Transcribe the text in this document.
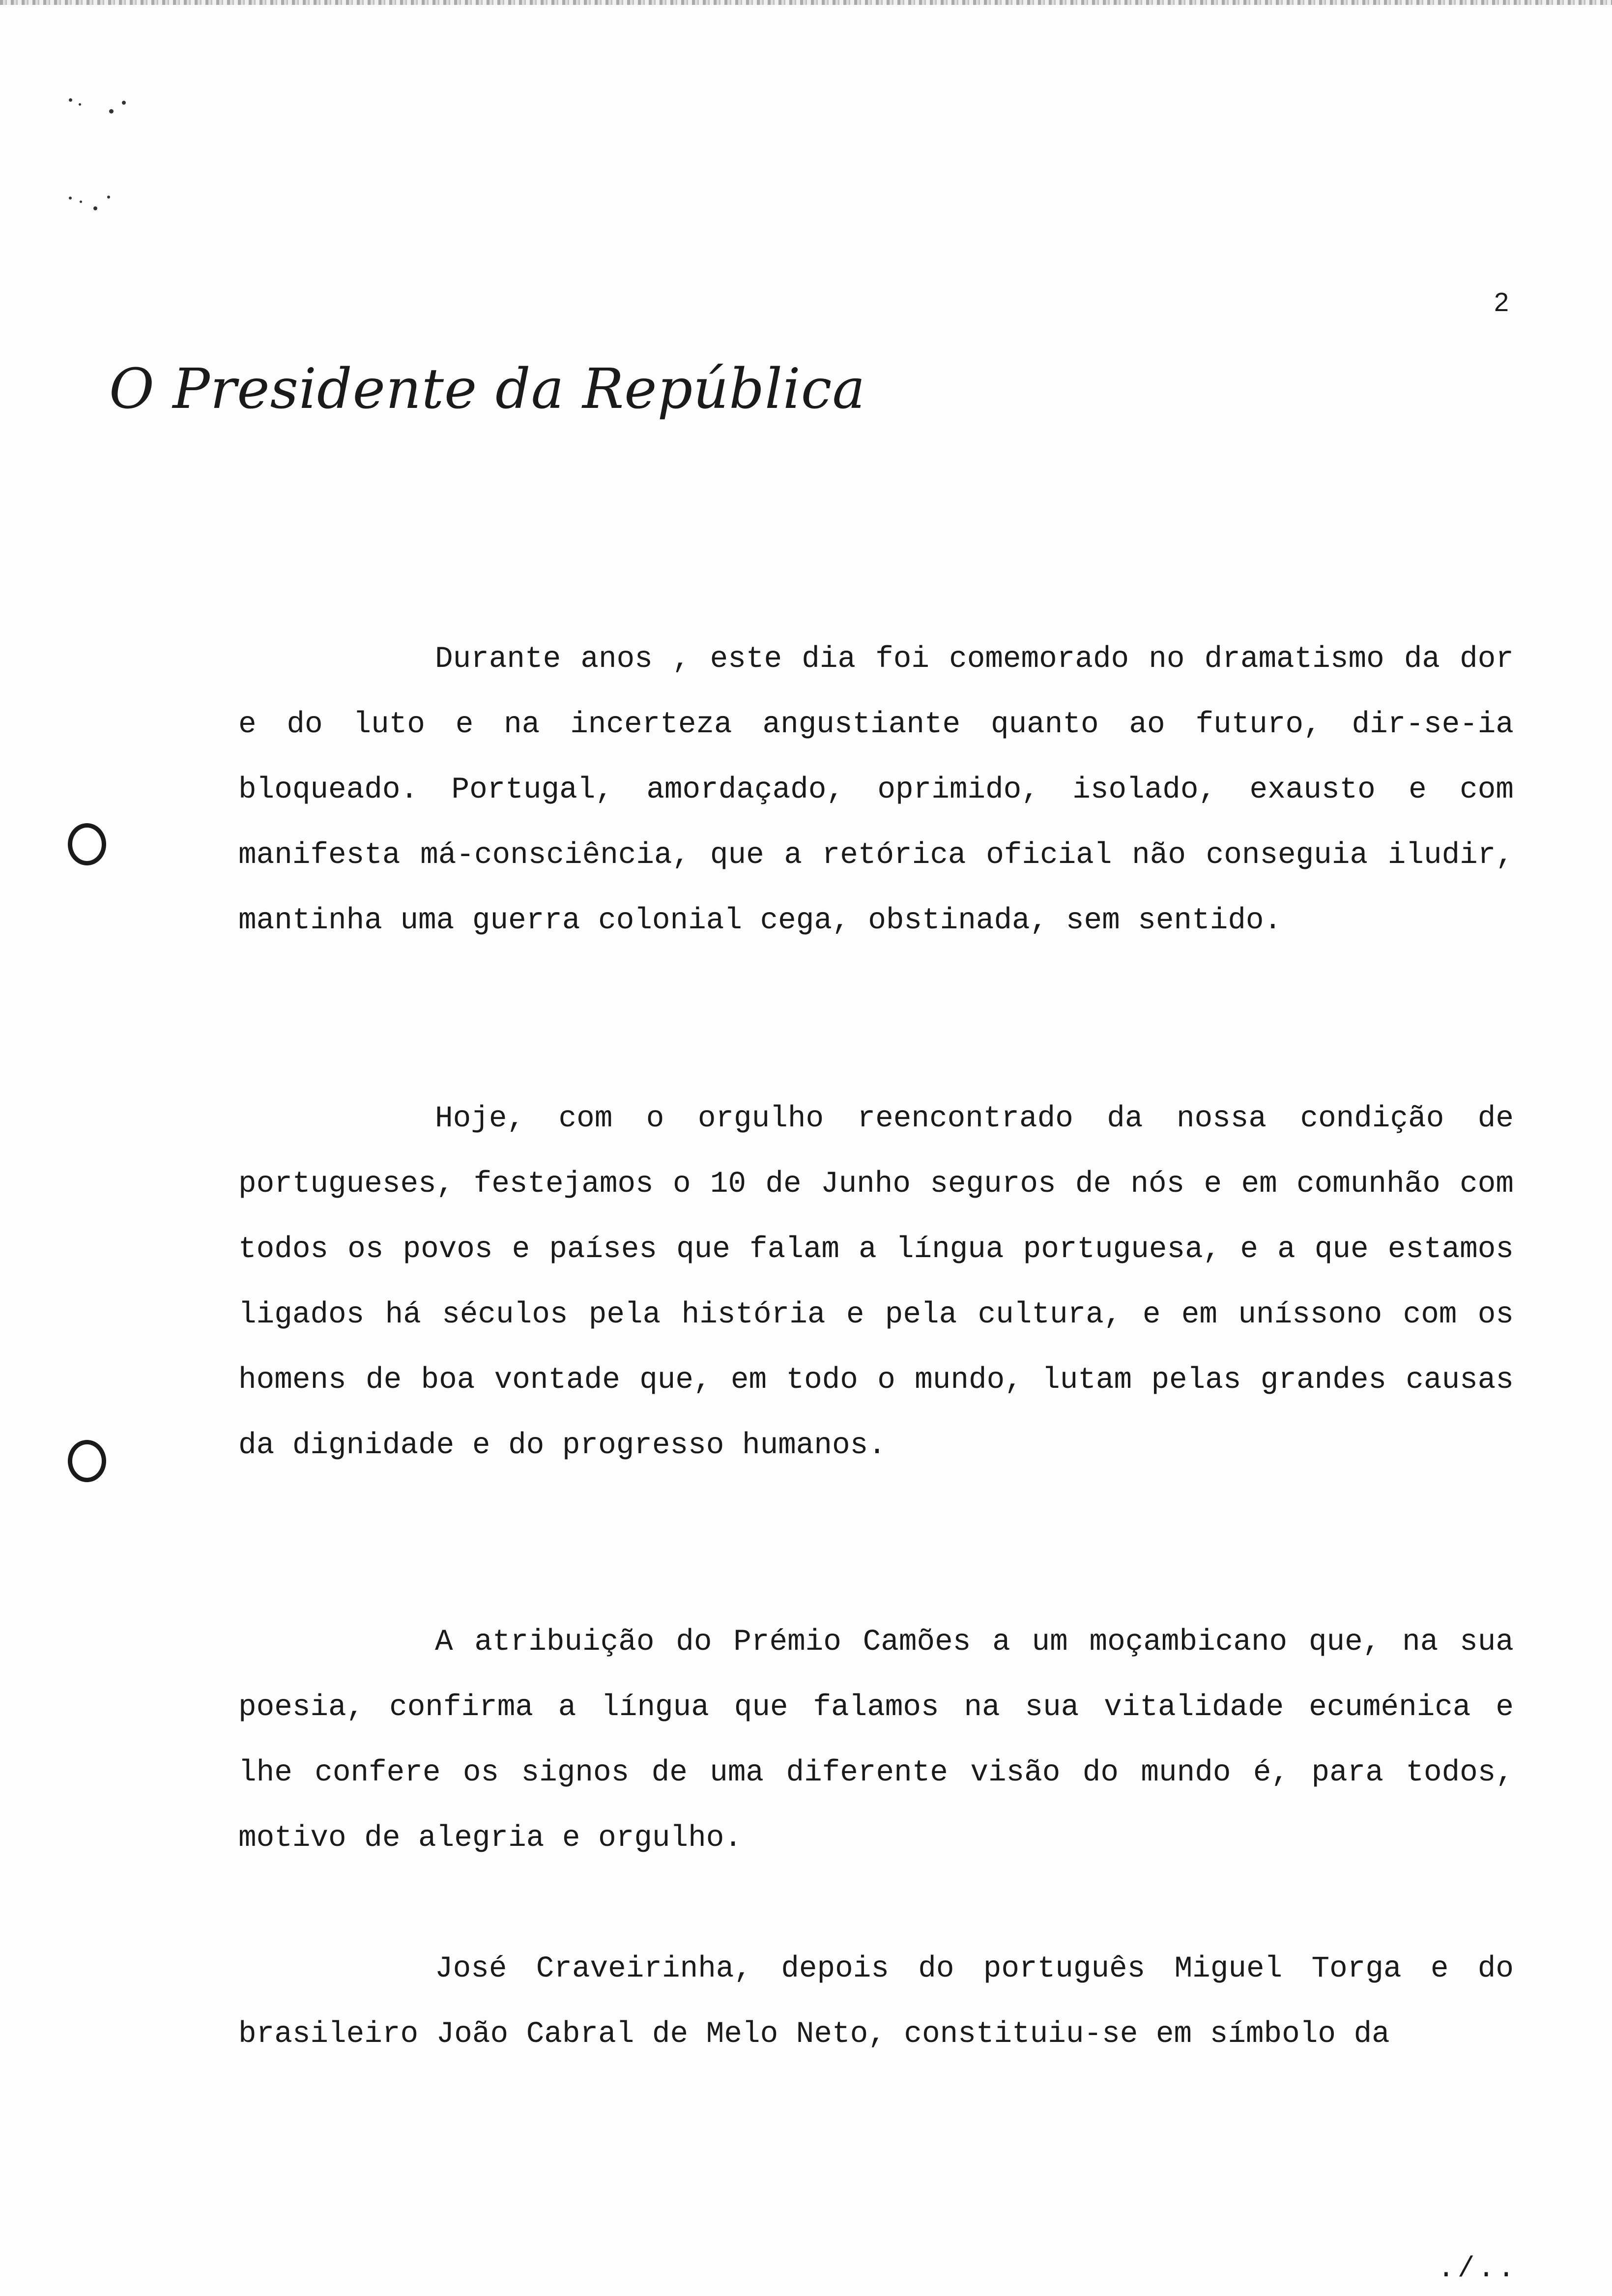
2
O Presidente da República

Durante anos , este dia foi comemorado no dramatismo da dor e do luto e na incerteza angustiante quanto ao futuro, dir-se-ia bloqueado. Portugal, amordaçado, oprimido, isolado, exausto e com manifesta má-consciência, que a retórica oficial não conseguia iludir, mantinha uma guerra colonial cega, obstinada, sem sentido.

Hoje, com o orgulho reencontrado da nossa condição de portugueses, festejamos o 10 de Junho seguros de nós e em comunhão com todos os povos e países que falam a língua portuguesa, e a que estamos ligados há séculos pela história e pela cultura, e em uníssono com os homens de boa vontade que, em todo o mundo, lutam pelas grandes causas da dignidade e do progresso humanos.

A atribuição do Prémio Camões a um moçambicano que, na sua poesia, confirma a língua que falamos na sua vitalidade ecuménica e lhe confere os signos de uma diferente visão do mundo é, para todos, motivo de alegria e orgulho.

José Craveirinha, depois do português Miguel Torga e do brasileiro João Cabral de Melo Neto, constituiu-se em símbolo da

./..
